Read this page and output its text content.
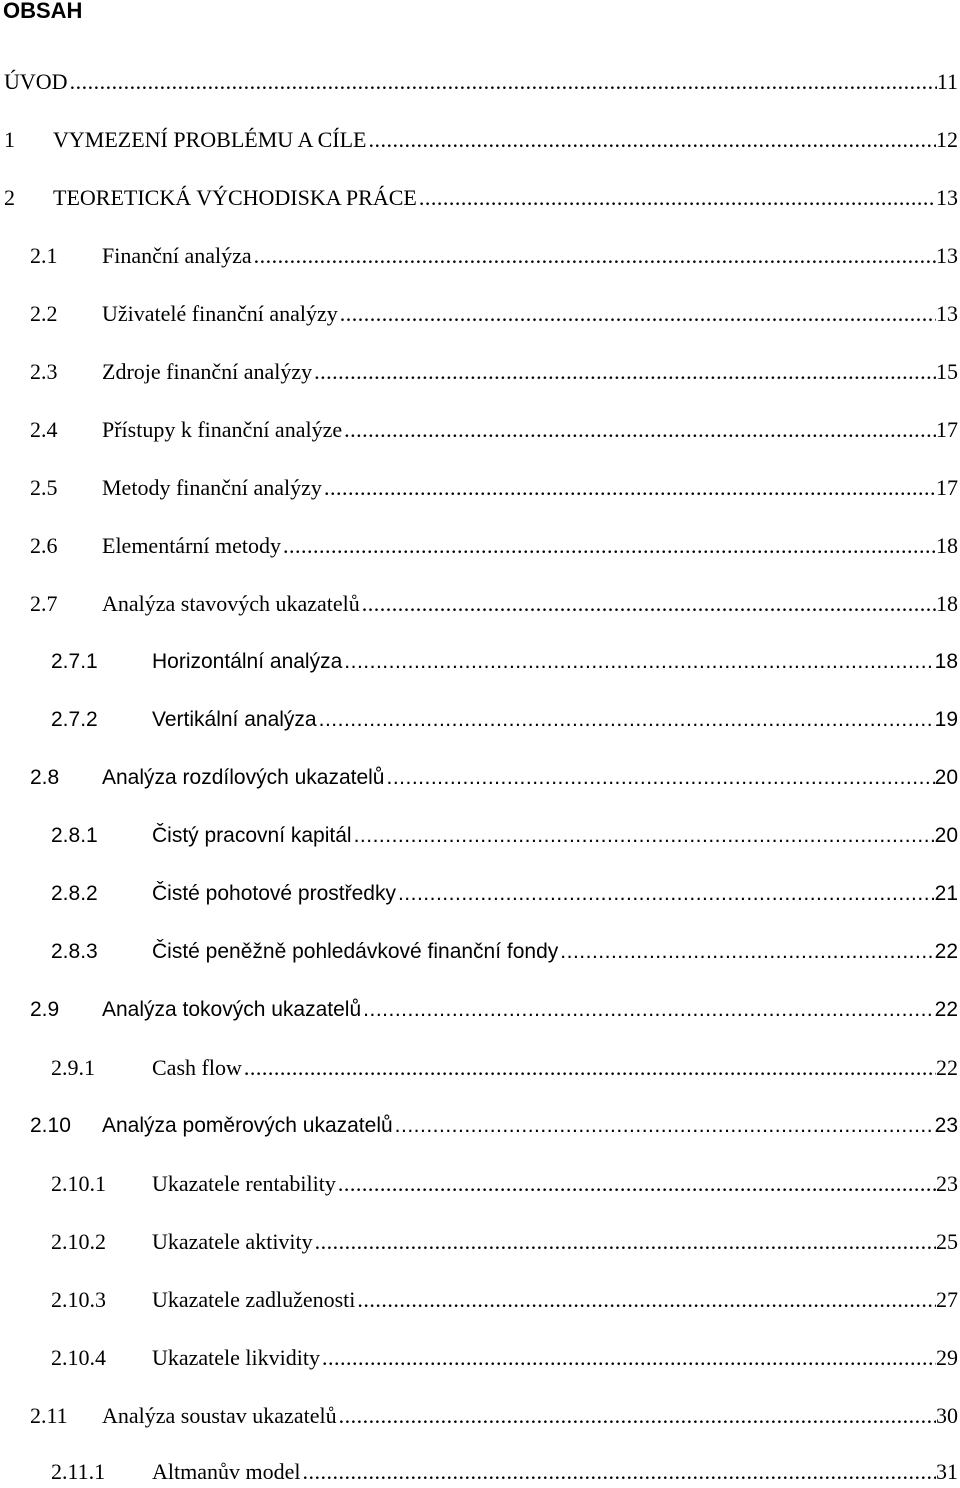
OBSAH
ÚVOD .....	11
1 VYMEZENÍ PROBLÉMU A CÍLE .....	12
2 TEORETICKÁ VÝCHODISKA PRÁCE .....	13
2.1 Finanční analýza .....	13
2.2 Uživatelé finanční analýzy .....	13
2.3 Zdroje finanční analýzy .....	15
2.4 Přístupy k finanční analýze .....	17
2.5 Metody finanční analýzy .....	17
2.6 Elementární metody .....	18
2.7 Analýza stavových ukazatelů .....	18
2.7.1	Horizontální analýza .....	18
2.7.2	Vertikální analýza .....	19
2.8 Analýza rozdílových ukazatelů .....	20
2.8.1	Čistý pracovní kapitál .....	20
2.8.2	Čisté pohotové prostředky .....	21
2.8.3	Čisté peněžně pohledávkové finanční fondy .....	22
2.9 Analýza tokových ukazatelů .....	22
2.9.1	Cash flow .....	22
2.10 Analýza poměrových ukazatelů .....	23
2.10.1 Ukazatele rentability .....	23
2.10.2 Ukazatele aktivity .....	25
2.10.3 Ukazatele zadluženosti .....	27
2.10.4 Ukazatele likvidity .....	29
2.11 Analýza soustav ukazatelů .....	30
2.11.1 Altmanův model .....	31
